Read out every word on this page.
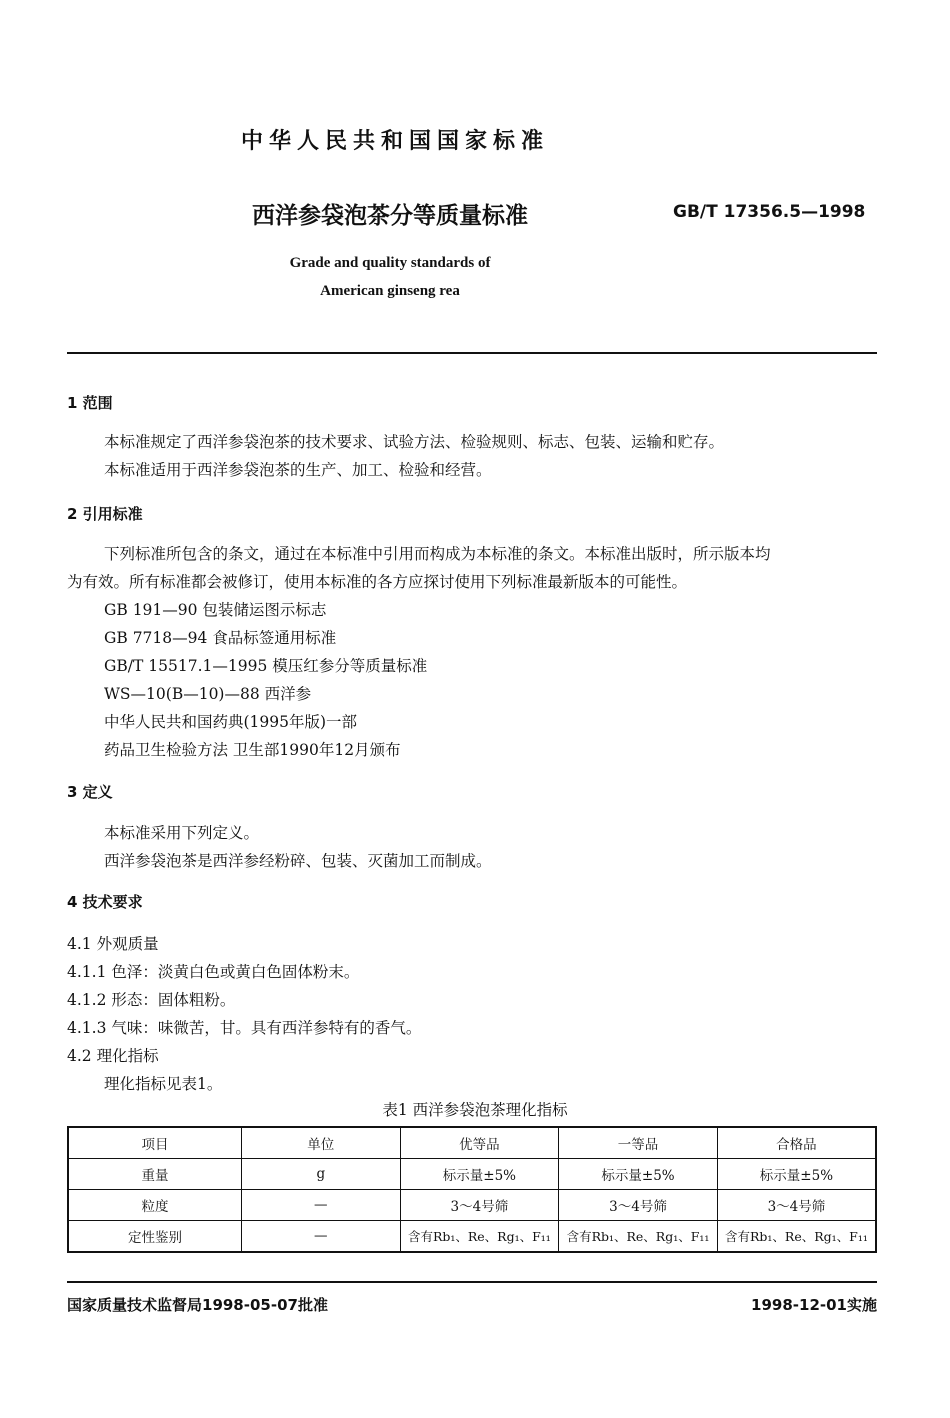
中华人民共和国国家标准
西洋参袋泡茶分等质量标准	GB/T 17356.5—1998
Grade and quality standards of
American ginseng rea
1 范围
本标准规定了西洋参袋泡茶的技术要求、试验方法、检验规则、标志、包装、运输和贮存。
本标准适用于西洋参袋泡茶的生产、加工、检验和经营。
2 引用标准
下列标准所包含的条文，通过在本标准中引用而构成为本标准的条文。本标准出版时，所示版本均
为有效。所有标准都会被修订，使用本标准的各方应探讨使用下列标准最新版本的可能性。
GB 191—90 包装储运图示标志
GB 7718—94 食品标签通用标准
GB/T 15517.1—1995 模压红参分等质量标准
WS—10(B—10)—88 西洋参
中华人民共和国药典(1995年版)一部
药品卫生检验方法 卫生部1990年12月颁布
3 定义
本标准采用下列定义。
西洋参袋泡茶是西洋参经粉碎、包装、灭菌加工而制成。
4 技术要求
4.1 外观质量
4.1.1 色泽：淡黄白色或黄白色固体粉末。
4.1.2 形态：固体粗粉。
4.1.3 气味：味微苦，甘。具有西洋参特有的香气。
4.2 理化指标
理化指标见表1。
表1 西洋参袋泡茶理化指标
项目	单位	优等品	一等品	合格品
重量	g	标示量±5%	标示量±5%	标示量±5%
粒度	—	3～4号筛	3～4号筛	3～4号筛
定性鉴别	—	含有Rb₁、Re、Rg₁、F₁₁	含有Rb₁、Re、Rg₁、F₁₁	含有Rb₁、Re、Rg₁、F₁₁
国家质量技术监督局1998-05-07批准	1998-12-01实施
